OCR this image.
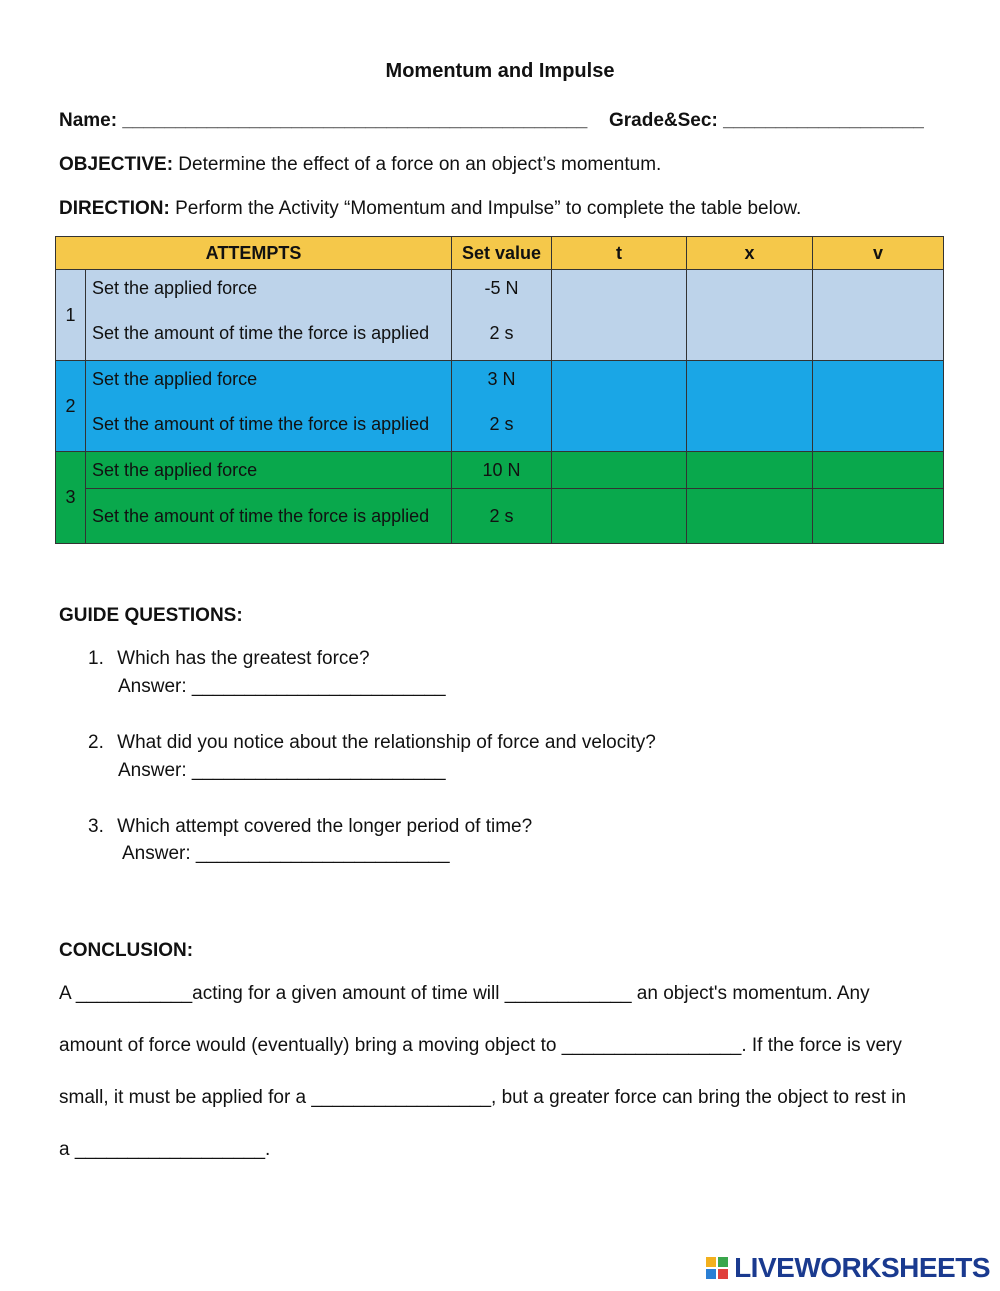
Momentum and Impulse
Name: ____________________________________________ Grade&Sec: ___________________
OBJECTIVE: Determine the effect of a force on an object’s momentum.
DIRECTION: Perform the Activity “Momentum and Impulse” to complete the table below.
ATTEMPTS		Set value	t	x	v
1	Set the applied force	-5 N			
	Set the amount of time the force is applied	2 s			
2	Set the applied force	3 N			
	Set the amount of time the force is applied	2 s			
3	Set the applied force	10 N			
	Set the amount of time the force is applied	2 s			
GUIDE QUESTIONS:
1. Which has the greatest force?
Answer: ________________________
2. What did you notice about the relationship of force and velocity?
Answer: ________________________
3. Which attempt covered the longer period of time?
Answer: ________________________
CONCLUSION:
A ___________acting for a given amount of time will ____________ an object's momentum. Any
amount of force would (eventually) bring a moving object to _________________. If the force is very
small, it must be applied for a _________________, but a greater force can bring the object to rest in
a __________________.
LIVEWORKSHEETS
